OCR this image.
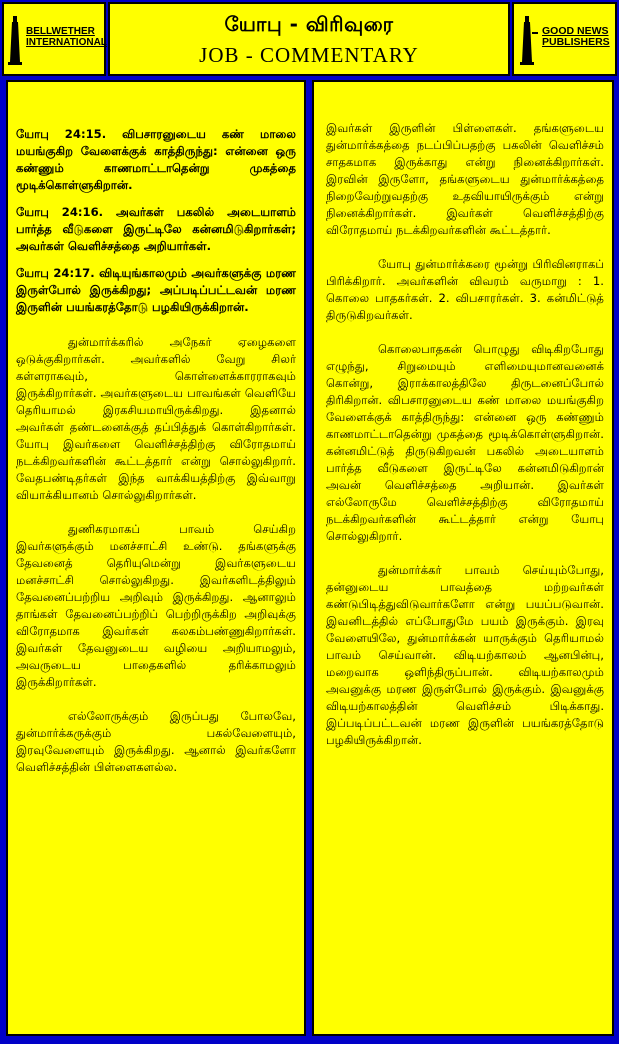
BELLWETHER
INTERNATIONAL
யோபு - விரிவுரை
JOB - COMMENTARY
GOOD NEWS
PUBLISHERS

யோபு 24:15. விபசாரனுடைய கண் மாலை மயங்குகிற வேளைக்குக் காத்திருந்து: என்னை ஒரு கண்ணும் காணமாட்டாதென்று முகத்தை மூடிக்கொள்ளுகிறான்.

யோபு 24:16. அவர்கள் பகலில் அடையாளம் பார்த்த வீடுகளை இருட்டிலே கன்னமிடுகிறார்கள்; அவர்கள் வெளிச்சத்தை அறியார்கள்.

யோபு 24:17. விடியுங்காலமும் அவர்களுக்கு மரண இருள்போல் இருக்கிறது; அப்படிப்பட்டவன் மரண இருளின் பயங்கரத்தோடு பழகியிருக்கிறான்.

துன்மார்க்கரில் அநேகர் ஏழைகளை ஒடுக்குகிறார்கள். அவர்களில் வேறு சிலர் கள்ளராகவும், கொள்ளைக்காரராகவும் இருக்கிறார்கள். அவர்களுடைய பாவங்கள் வெளியே தெரியாமல் இரகசியமாயிருக்கிறது. இதனால் அவர்கள் தண்டனைக்குத் தப்பித்துக் கொள்கிறார்கள். யோபு இவர்களை வெளிச்சத்திற்கு விரோதமாய் நடக்கிறவர்களின் கூட்டத்தார் என்று சொல்லுகிறார். வேதபண்டிதர்கள் இந்த வாக்கியத்திற்கு இவ்வாறு வியாக்கியானம் சொல்லுகிறார்கள்.

துணிகரமாகப் பாவம் செய்கிற இவர்களுக்கும் மனச்சாட்சி உண்டு. தங்களுக்கு தேவனைத் தெரியுமென்று இவர்களுடைய மனச்சாட்சி சொல்லுகிறது. இவர்களிடத்திலும் தேவனைப்பற்றிய அறிவும் இருக்கிறது. ஆனாலும் தாங்கள் தேவனைப்பற்றிப் பெற்றிருக்கிற அறிவுக்கு விரோதமாக இவர்கள் கலகம்பண்ணுகிறார்கள். இவர்கள் தேவனுடைய வழியை அறியாமலும், அவருடைய பாதைகளில் தரிக்காமலும் இருக்கிறார்கள்.

எல்லோருக்கும் இருப்பது போலவே, துன்மார்க்கருக்கும் பகல்வேளையும், இரவுவேளையும் இருக்கிறது. ஆனால் இவர்களோ வெளிச்சத்தின் பிள்ளைகளல்ல.

இவர்கள் இருளின் பிள்ளைகள். தங்களுடைய துன்மார்க்கத்தை நடப்பிப்பதற்கு பகலின் வெளிச்சம் சாதகமாக இருக்காது என்று நினைக்கிறார்கள். இரவின் இருளோ, தங்களுடைய துன்மார்க்கத்தை நிறைவேற்றுவதற்கு உதவியாயிருக்கும் என்று நினைக்கிறார்கள். இவர்கள் வெளிச்சத்திற்கு விரோதமாய் நடக்கிறவர்களின் கூட்டத்தார்.

யோபு துன்மார்க்கரை மூன்று பிரிவினராகப் பிரிக்கிறார். அவர்களின் விவரம் வருமாறு : 1. கொலை பாதகர்கள். 2. விபசாரர்கள். 3. கன்மிட்டுத் திருடுகிறவர்கள்.

கொலைபாதகன் பொழுது விடிகிறபோது எழுந்து, சிறுமையும் எளிமையுமானவனைக் கொன்று, இராக்காலத்திலே திருடனைப்போல் திரிகிறான். விபசாரனுடைய கண் மாலை மயங்குகிற வேளைக்குக் காத்திருந்து: என்னை ஒரு கண்ணும் காணமாட்டாதென்று முகத்தை மூடிக்கொள்ளுகிறான். கன்னமிட்டுத் திருடுகிறவன் பகலில் அடையாளம் பார்த்த வீடுகளை இருட்டிலே கன்னமிடுகிறான் அவன் வெளிச்சத்தை அறியான். இவர்கள் எல்லோருமே வெளிச்சத்திற்கு விரோதமாய் நடக்கிறவர்களின் கூட்டத்தார் என்று யோபு சொல்லுகிறார்.

துன்மார்க்கர் பாவம் செய்யும்போது, தன்னுடைய பாவத்தை மற்றவர்கள் கண்டுபிடித்துவிடுவார்களோ என்று பயப்படுவான். இவனிடத்தில் எப்போதுமே பயம் இருக்கும். இரவு வேளையிலே, துன்மார்க்கன் யாருக்கும் தெரியாமல் பாவம் செய்வான். விடியற்காலம் ஆனபின்பு, மறைவாக ஒளிந்திருப்பான். விடியற்காலமும் அவனுக்கு மரண இருள்போல் இருக்கும். இவனுக்கு விடியற்காலத்தின் வெளிச்சம் பிடிக்காது. இப்படிப்பட்டவன் மரண இருளின் பயங்கரத்தோடு பழகியிருக்கிறான்.
